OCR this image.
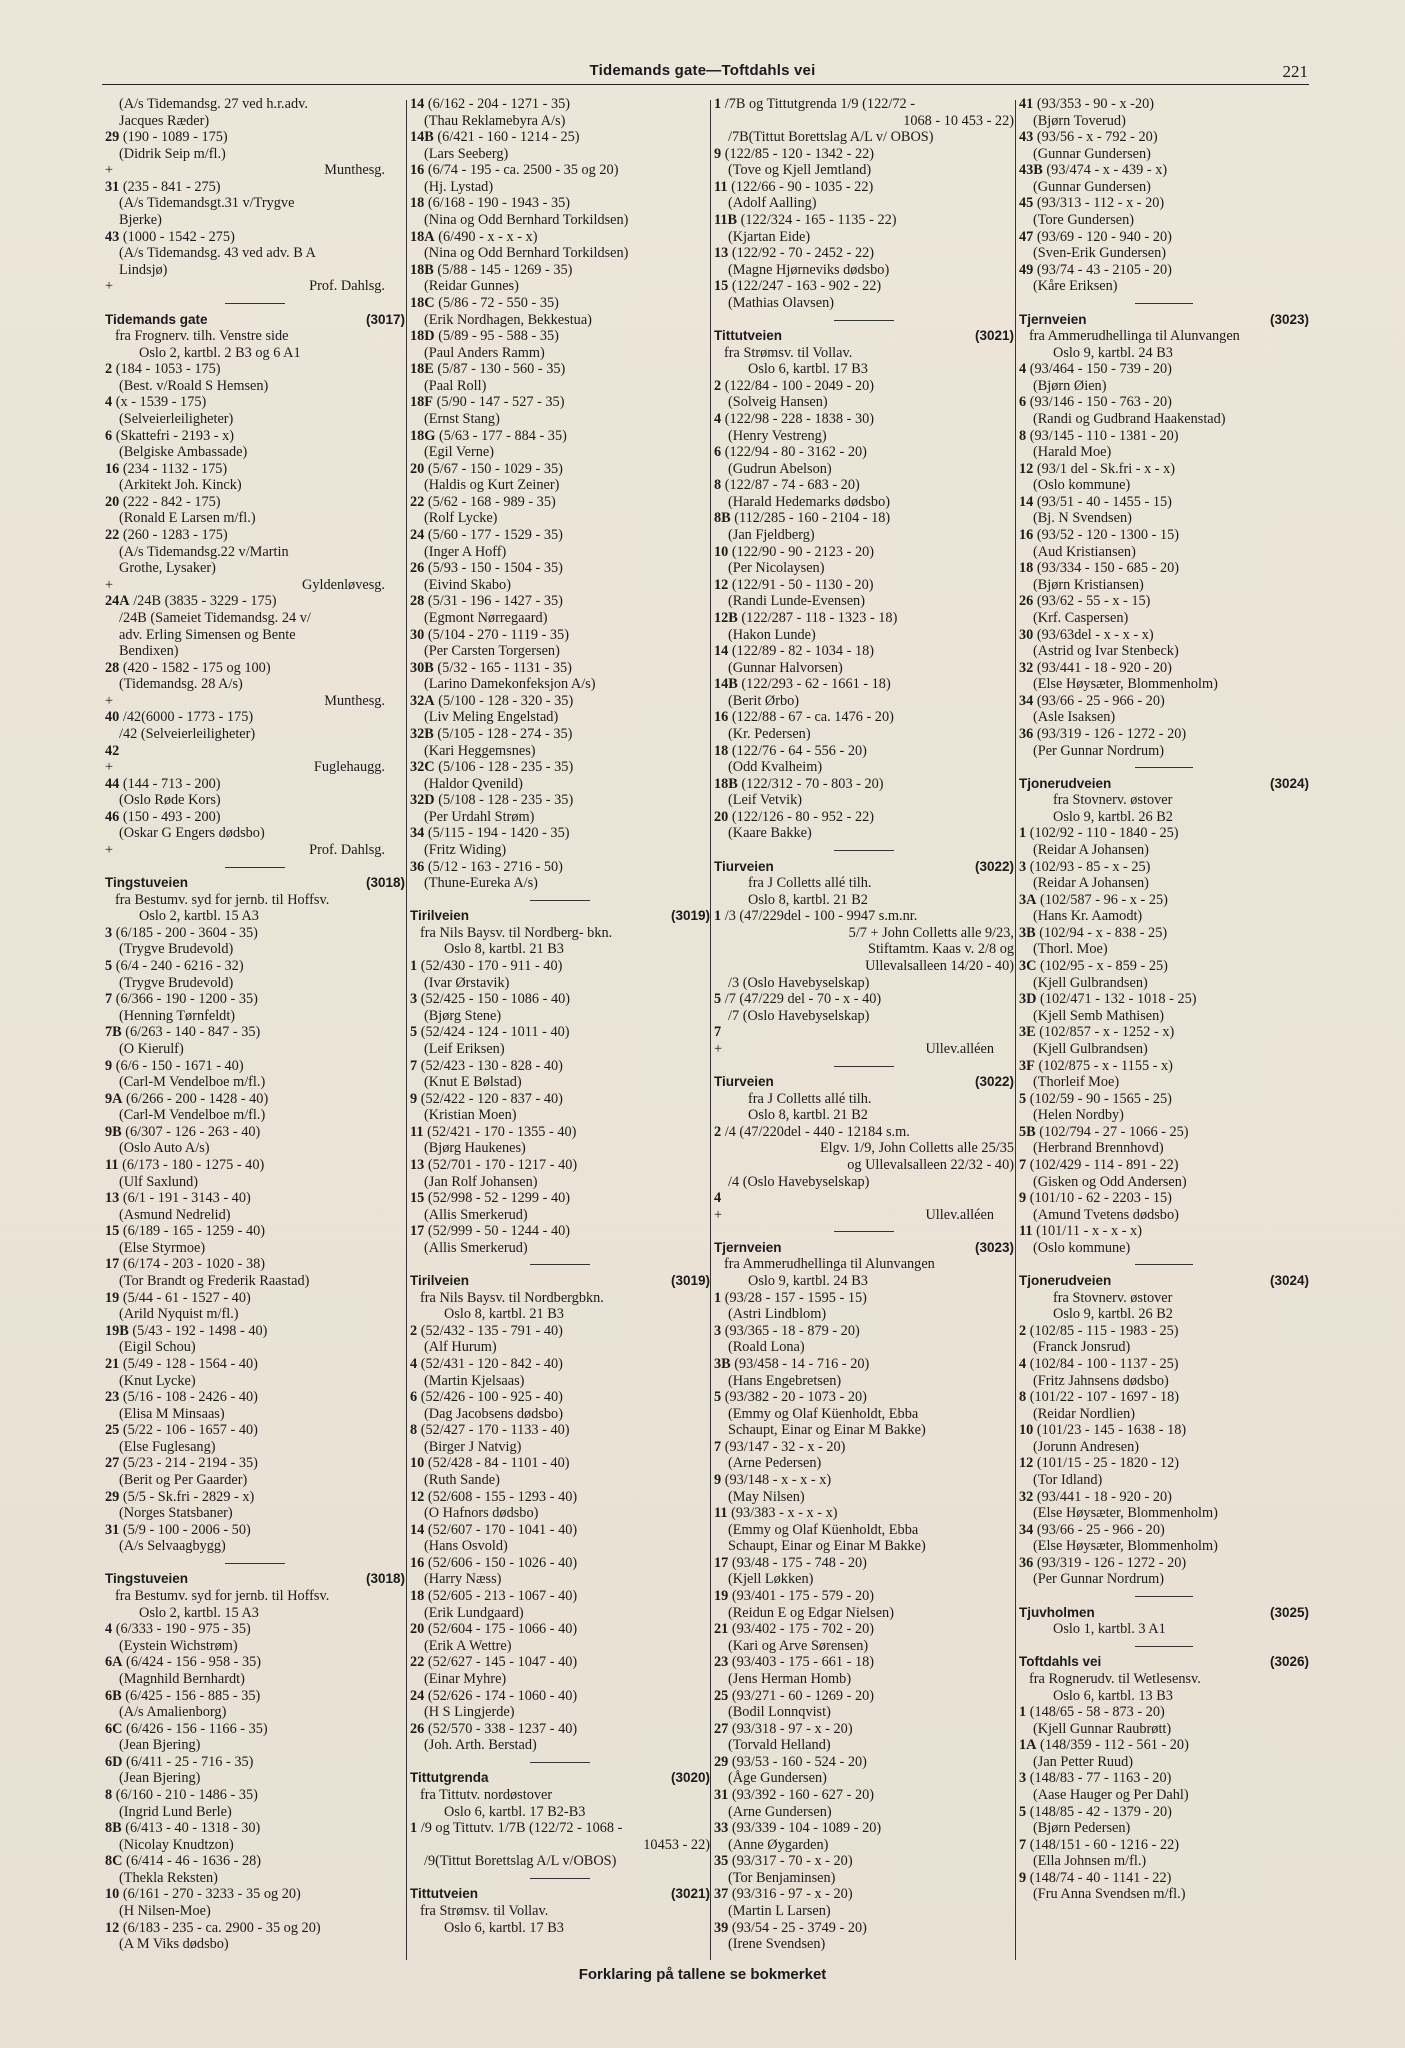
Tidemands gate—Toftdahls vei	221
(A/s Tidemandsg. 27 ved h.r.adv.
Jacques Ræder)
29 (190 - 1089 - 175)
(Didrik Seip m/fl.)
+	Munthesg.
31 (235 - 841 - 275)
(A/s Tidemandsgt.31 v/Trygve
Bjerke)
43 (1000 - 1542 - 275)
(A/s Tidemandsg. 43 ved adv. B A
Lindsjø)
+	Prof. Dahlsg.
Tidemands gate	(3017)
fra Frognerv. tilh. Venstre side
Oslo 2, kartbl. 2 B3 og 6 A1
2 (184 - 1053 - 175)
(Best. v/Roald S Hemsen)
4 (x - 1539 - 175)
(Selveierleiligheter)
6 (Skattefri - 2193 - x)
(Belgiske Ambassade)
16 (234 - 1132 - 175)
(Arkitekt Joh. Kinck)
20 (222 - 842 - 175)
(Ronald E Larsen m/fl.)
22 (260 - 1283 - 175)
(A/s Tidemandsg.22 v/Martin
Grothe, Lysaker)
+	Gyldenløvesg.
24A /24B (3835 - 3229 - 175)
/24B (Sameiet Tidemandsg. 24 v/
adv. Erling Simensen og Bente
Bendixen)
28 (420 - 1582 - 175 og 100)
(Tidemandsg. 28 A/s)
+	Munthesg.
40 /42(6000 - 1773 - 175)
/42 (Selveierleiligheter)
42
+	Fuglehaugg.
44 (144 - 713 - 200)
(Oslo Røde Kors)
46 (150 - 493 - 200)
(Oskar G Engers dødsbo)
+	Prof. Dahlsg.
Tingstuveien	(3018)
fra Bestumv. syd for jernb. til Hoffsv.
Oslo 2, kartbl. 15 A3
3 (6/185 - 200 - 3604 - 35)
(Trygve Brudevold)
5 (6/4 - 240 - 6216 - 32)
(Trygve Brudevold)
7 (6/366 - 190 - 1200 - 35)
(Henning Tørnfeldt)
7B (6/263 - 140 - 847 - 35)
(O Kierulf)
9 (6/6 - 150 - 1671 - 40)
(Carl-M Vendelboe m/fl.)
9A (6/266 - 200 - 1428 - 40)
(Carl-M Vendelboe m/fl.)
9B (6/307 - 126 - 263 - 40)
(Oslo Auto A/s)
11 (6/173 - 180 - 1275 - 40)
(Ulf Saxlund)
13 (6/1 - 191 - 3143 - 40)
(Asmund Nedrelid)
15 (6/189 - 165 - 1259 - 40)
(Else Styrmoe)
17 (6/174 - 203 - 1020 - 38)
(Tor Brandt og Frederik Raastad)
19 (5/44 - 61 - 1527 - 40)
(Arild Nyquist m/fl.)
19B (5/43 - 192 - 1498 - 40)
(Eigil Schou)
21 (5/49 - 128 - 1564 - 40)
(Knut Lycke)
23 (5/16 - 108 - 2426 - 40)
(Elisa M Minsaas)
25 (5/22 - 106 - 1657 - 40)
(Else Fuglesang)
27 (5/23 - 214 - 2194 - 35)
(Berit og Per Gaarder)
29 (5/5 - Sk.fri - 2829 - x)
(Norges Statsbaner)
31 (5/9 - 100 - 2006 - 50)
(A/s Selvaagbygg)
Tingstuveien	(3018)
fra Bestumv. syd for jernb. til Hoffsv.
Oslo 2, kartbl. 15 A3
4 (6/333 - 190 - 975 - 35)
(Eystein Wichstrøm)
6A (6/424 - 156 - 958 - 35)
(Magnhild Bernhardt)
6B (6/425 - 156 - 885 - 35)
(A/s Amalienborg)
6C (6/426 - 156 - 1166 - 35)
(Jean Bjering)
6D (6/411 - 25 - 716 - 35)
(Jean Bjering)
8 (6/160 - 210 - 1486 - 35)
(Ingrid Lund Berle)
8B (6/413 - 40 - 1318 - 30)
(Nicolay Knudtzon)
8C (6/414 - 46 - 1636 - 28)
(Thekla Reksten)
10 (6/161 - 270 - 3233 - 35 og 20)
(H Nilsen-Moe)
12 (6/183 - 235 - ca. 2900 - 35 og 20)
(A M Viks dødsbo)
14 (6/162 - 204 - 1271 - 35)
(Thau Reklamebyra A/s)
14B (6/421 - 160 - 1214 - 25)
(Lars Seeberg)
16 (6/74 - 195 - ca. 2500 - 35 og 20)
(Hj. Lystad)
18 (6/168 - 190 - 1943 - 35)
(Nina og Odd Bernhard Torkildsen)
18A (6/490 - x - x - x)
(Nina og Odd Bernhard Torkildsen)
18B (5/88 - 145 - 1269 - 35)
(Reidar Gunnes)
18C (5/86 - 72 - 550 - 35)
(Erik Nordhagen, Bekkestua)
18D (5/89 - 95 - 588 - 35)
(Paul Anders Ramm)
18E (5/87 - 130 - 560 - 35)
(Paal Roll)
18F (5/90 - 147 - 527 - 35)
(Ernst Stang)
18G (5/63 - 177 - 884 - 35)
(Egil Verne)
20 (5/67 - 150 - 1029 - 35)
(Haldis og Kurt Zeiner)
22 (5/62 - 168 - 989 - 35)
(Rolf Lycke)
24 (5/60 - 177 - 1529 - 35)
(Inger A Hoff)
26 (5/93 - 150 - 1504 - 35)
(Eivind Skabo)
28 (5/31 - 196 - 1427 - 35)
(Egmont Nørregaard)
30 (5/104 - 270 - 1119 - 35)
(Per Carsten Torgersen)
30B (5/32 - 165 - 1131 - 35)
(Larino Damekonfeksjon A/s)
32A (5/100 - 128 - 320 - 35)
(Liv Meling Engelstad)
32B (5/105 - 128 - 274 - 35)
(Kari Heggemsnes)
32C (5/106 - 128 - 235 - 35)
(Haldor Qvenild)
32D (5/108 - 128 - 235 - 35)
(Per Urdahl Strøm)
34 (5/115 - 194 - 1420 - 35)
(Fritz Widing)
36 (5/12 - 163 - 2716 - 50)
(Thune-Eureka A/s)
Tirilveien	(3019)
fra Nils Baysv. til Nordberg- bkn.
Oslo 8, kartbl. 21 B3
1 (52/430 - 170 - 911 - 40)
(Ivar Ørstavik)
3 (52/425 - 150 - 1086 - 40)
(Bjørg Stene)
5 (52/424 - 124 - 1011 - 40)
(Leif Eriksen)
7 (52/423 - 130 - 828 - 40)
(Knut E Bølstad)
9 (52/422 - 120 - 837 - 40)
(Kristian Moen)
11 (52/421 - 170 - 1355 - 40)
(Bjørg Haukenes)
13 (52/701 - 170 - 1217 - 40)
(Jan Rolf Johansen)
15 (52/998 - 52 - 1299 - 40)
(Allis Smerkerud)
17 (52/999 - 50 - 1244 - 40)
(Allis Smerkerud)
Tirilveien	(3019)
fra Nils Baysv. til Nordbergbkn.
Oslo 8, kartbl. 21 B3
2 (52/432 - 135 - 791 - 40)
(Alf Hurum)
4 (52/431 - 120 - 842 - 40)
(Martin Kjelsaas)
6 (52/426 - 100 - 925 - 40)
(Dag Jacobsens dødsbo)
8 (52/427 - 170 - 1133 - 40)
(Birger J Natvig)
10 (52/428 - 84 - 1101 - 40)
(Ruth Sande)
12 (52/608 - 155 - 1293 - 40)
(O Hafnors dødsbo)
14 (52/607 - 170 - 1041 - 40)
(Hans Osvold)
16 (52/606 - 150 - 1026 - 40)
(Harry Næss)
18 (52/605 - 213 - 1067 - 40)
(Erik Lundgaard)
20 (52/604 - 175 - 1066 - 40)
(Erik A Wettre)
22 (52/627 - 145 - 1047 - 40)
(Einar Myhre)
24 (52/626 - 174 - 1060 - 40)
(H S Lingjerde)
26 (52/570 - 338 - 1237 - 40)
(Joh. Arth. Berstad)
Tittutgrenda	(3020)
fra Tittutv. nordøstover
Oslo 6, kartbl. 17 B2-B3
1 /9 og Tittutv. 1/7B (122/72 - 1068 -
10453 - 22)
/9(Tittut Borettslag A/L v/OBOS)
Tittutveien	(3021)
fra Strømsv. til Vollav.
Oslo 6, kartbl. 17 B3
1 /7B og Tittutgrenda 1/9 (122/72 -
1068 - 10 453 - 22)
/7B(Tittut Borettslag A/L v/ OBOS)
9 (122/85 - 120 - 1342 - 22)
(Tove og Kjell Jemtland)
11 (122/66 - 90 - 1035 - 22)
(Adolf Aalling)
11B (122/324 - 165 - 1135 - 22)
(Kjartan Eide)
13 (122/92 - 70 - 2452 - 22)
(Magne Hjørneviks dødsbo)
15 (122/247 - 163 - 902 - 22)
(Mathias Olavsen)
Tittutveien	(3021)
fra Strømsv. til Vollav.
Oslo 6, kartbl. 17 B3
2 (122/84 - 100 - 2049 - 20)
(Solveig Hansen)
4 (122/98 - 228 - 1838 - 30)
(Henry Vestreng)
6 (122/94 - 80 - 3162 - 20)
(Gudrun Abelson)
8 (122/87 - 74 - 683 - 20)
(Harald Hedemarks dødsbo)
8B (112/285 - 160 - 2104 - 18)
(Jan Fjeldberg)
10 (122/90 - 90 - 2123 - 20)
(Per Nicolaysen)
12 (122/91 - 50 - 1130 - 20)
(Randi Lunde-Evensen)
12B (122/287 - 118 - 1323 - 18)
(Hakon Lunde)
14 (122/89 - 82 - 1034 - 18)
(Gunnar Halvorsen)
14B (122/293 - 62 - 1661 - 18)
(Berit Ørbo)
16 (122/88 - 67 - ca. 1476 - 20)
(Kr. Pedersen)
18 (122/76 - 64 - 556 - 20)
(Odd Kvalheim)
18B (122/312 - 70 - 803 - 20)
(Leif Vetvik)
20 (122/126 - 80 - 952 - 22)
(Kaare Bakke)
Tiurveien	(3022)
fra J Colletts allé tilh.
Oslo 8, kartbl. 21 B2
1 /3 (47/229del - 100 - 9947 s.m.nr.
5/7 + John Colletts alle 9/23,
Stiftamtm. Kaas v. 2/8 og
Ullevalsalleen 14/20 - 40)
/3 (Oslo Havebyselskap)
5 /7 (47/229 del - 70 - x - 40)
/7 (Oslo Havebyselskap)
7
+	Ullev.alléen
Tiurveien	(3022)
fra J Colletts allé tilh.
Oslo 8, kartbl. 21 B2
2 /4 (47/220del - 440 - 12184 s.m.
Elgv. 1/9, John Colletts alle 25/35
og Ullevalsalleen 22/32 - 40)
/4 (Oslo Havebyselskap)
4
+	Ullev.alléen
Tjernveien	(3023)
fra Ammerudhellinga til Alunvangen
Oslo 9, kartbl. 24 B3
1 (93/28 - 157 - 1595 - 15)
(Astri Lindblom)
3 (93/365 - 18 - 879 - 20)
(Roald Lona)
3B (93/458 - 14 - 716 - 20)
(Hans Engebretsen)
5 (93/382 - 20 - 1073 - 20)
(Emmy og Olaf Küenholdt, Ebba
Schaupt, Einar og Einar M Bakke)
7 (93/147 - 32 - x - 20)
(Arne Pedersen)
9 (93/148 - x - x - x)
(May Nilsen)
11 (93/383 - x - x - x)
(Emmy og Olaf Küenholdt, Ebba
Schaupt, Einar og Einar M Bakke)
17 (93/48 - 175 - 748 - 20)
(Kjell Løkken)
19 (93/401 - 175 - 579 - 20)
(Reidun E og Edgar Nielsen)
21 (93/402 - 175 - 702 - 20)
(Kari og Arve Sørensen)
23 (93/403 - 175 - 661 - 18)
(Jens Herman Homb)
25 (93/271 - 60 - 1269 - 20)
(Bodil Lonnqvist)
27 (93/318 - 97 - x - 20)
(Torvald Helland)
29 (93/53 - 160 - 524 - 20)
(Åge Gundersen)
31 (93/392 - 160 - 627 - 20)
(Arne Gundersen)
33 (93/339 - 104 - 1089 - 20)
(Anne Øygarden)
35 (93/317 - 70 - x - 20)
(Tor Benjaminsen)
37 (93/316 - 97 - x - 20)
(Martin L Larsen)
39 (93/54 - 25 - 3749 - 20)
(Irene Svendsen)
41 (93/353 - 90 - x -20)
(Bjørn Toverud)
43 (93/56 - x - 792 - 20)
(Gunnar Gundersen)
43B (93/474 - x - 439 - x)
(Gunnar Gundersen)
45 (93/313 - 112 - x - 20)
(Tore Gundersen)
47 (93/69 - 120 - 940 - 20)
(Sven-Erik Gundersen)
49 (93/74 - 43 - 2105 - 20)
(Kåre Eriksen)
Tjernveien	(3023)
fra Ammerudhellinga til Alunvangen
Oslo 9, kartbl. 24 B3
4 (93/464 - 150 - 739 - 20)
(Bjørn Øien)
6 (93/146 - 150 - 763 - 20)
(Randi og Gudbrand Haakenstad)
8 (93/145 - 110 - 1381 - 20)
(Harald Moe)
12 (93/1 del - Sk.fri - x - x)
(Oslo kommune)
14 (93/51 - 40 - 1455 - 15)
(Bj. N Svendsen)
16 (93/52 - 120 - 1300 - 15)
(Aud Kristiansen)
18 (93/334 - 150 - 685 - 20)
(Bjørn Kristiansen)
26 (93/62 - 55 - x - 15)
(Krf. Caspersen)
30 (93/63del - x - x - x)
(Astrid og Ivar Stenbeck)
32 (93/441 - 18 - 920 - 20)
(Else Høysæter, Blommenholm)
34 (93/66 - 25 - 966 - 20)
(Asle Isaksen)
36 (93/319 - 126 - 1272 - 20)
(Per Gunnar Nordrum)
Tjonerudveien	(3024)
fra Stovnerv. østover
Oslo 9, kartbl. 26 B2
1 (102/92 - 110 - 1840 - 25)
(Reidar A Johansen)
3 (102/93 - 85 - x - 25)
(Reidar A Johansen)
3A (102/587 - 96 - x - 25)
(Hans Kr. Aamodt)
3B (102/94 - x - 838 - 25)
(Thorl. Moe)
3C (102/95 - x - 859 - 25)
(Kjell Gulbrandsen)
3D (102/471 - 132 - 1018 - 25)
(Kjell Semb Mathisen)
3E (102/857 - x - 1252 - x)
(Kjell Gulbrandsen)
3F (102/875 - x - 1155 - x)
(Thorleif Moe)
5 (102/59 - 90 - 1565 - 25)
(Helen Nordby)
5B (102/794 - 27 - 1066 - 25)
(Herbrand Brennhovd)
7 (102/429 - 114 - 891 - 22)
(Gisken og Odd Andersen)
9 (101/10 - 62 - 2203 - 15)
(Amund Tvetens dødsbo)
11 (101/11 - x - x - x)
(Oslo kommune)
Tjonerudveien	(3024)
fra Stovnerv. østover
Oslo 9, kartbl. 26 B2
2 (102/85 - 115 - 1983 - 25)
(Franck Jonsrud)
4 (102/84 - 100 - 1137 - 25)
(Fritz Jahnsens dødsbo)
8 (101/22 - 107 - 1697 - 18)
(Reidar Nordlien)
10 (101/23 - 145 - 1638 - 18)
(Jorunn Andresen)
12 (101/15 - 25 - 1820 - 12)
(Tor Idland)
32 (93/441 - 18 - 920 - 20)
(Else Høysæter, Blommenholm)
34 (93/66 - 25 - 966 - 20)
(Else Høysæter, Blommenholm)
36 (93/319 - 126 - 1272 - 20)
(Per Gunnar Nordrum)
Tjuvholmen	(3025)
Oslo 1, kartbl. 3 A1
Toftdahls vei	(3026)
fra Rognerudv. til Wetlesensv.
Oslo 6, kartbl. 13 B3
1 (148/65 - 58 - 873 - 20)
(Kjell Gunnar Raubrøtt)
1A (148/359 - 112 - 561 - 20)
(Jan Petter Ruud)
3 (148/83 - 77 - 1163 - 20)
(Aase Hauger og Per Dahl)
5 (148/85 - 42 - 1379 - 20)
(Bjørn Pedersen)
7 (148/151 - 60 - 1216 - 22)
(Ella Johnsen m/fl.)
9 (148/74 - 40 - 1141 - 22)
(Fru Anna Svendsen m/fl.)
Forklaring på tallene se bokmerket
